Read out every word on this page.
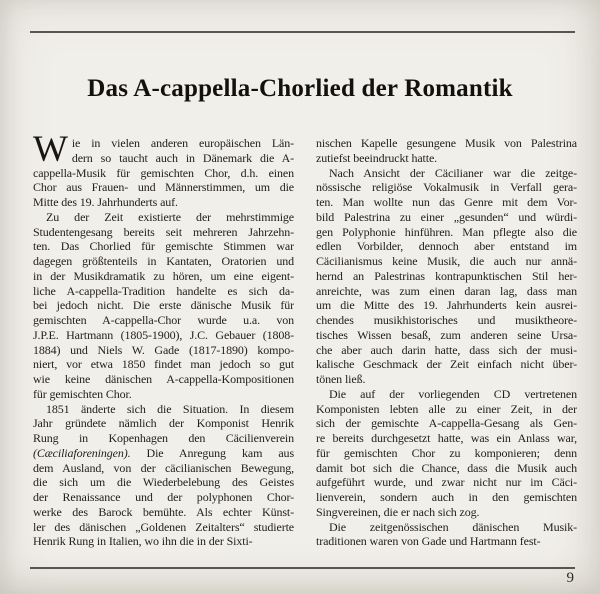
Das A-cappella-Chorlied der Romantik
W ie in vielen anderen europäischen Län-
dern so taucht auch in Dänemark die A-
cappella-Musik für gemischten Chor, d.h. einen
Chor aus Frauen- und Männerstimmen, um die
Mitte des 19. Jahrhunderts auf.
Zu der Zeit existierte der mehrstimmige
Studentengesang bereits seit mehreren Jahrzehn-
ten. Das Chorlied für gemischte Stimmen war
dagegen größtenteils in Kantaten, Oratorien und
in der Musikdramatik zu hören, um eine eigent-
liche A-cappella-Tradition handelte es sich da-
bei jedoch nicht. Die erste dänische Musik für
gemischten A-cappella-Chor wurde u.a. von
J.P.E. Hartmann (1805-1900), J.C. Gebauer (1808-
1884) und Niels W. Gade (1817-1890) kompo-
niert, vor etwa 1850 findet man jedoch so gut
wie keine dänischen A-cappella-Kompositionen
für gemischten Chor.
1851 änderte sich die Situation. In diesem
Jahr gründete nämlich der Komponist Henrik
Rung in Kopenhagen den Cäcilienverein
(Cæciliaforeningen). Die Anregung kam aus
dem Ausland, von der cäcilianischen Bewegung,
die sich um die Wiederbelebung des Geistes
der Renaissance und der polyphonen Chor-
werke des Barock bemühte. Als echter Künst-
ler des dänischen „Goldenen Zeitalters“ studierte
Henrik Rung in Italien, wo ihn die in der Sixti-
nischen Kapelle gesungene Musik von Palestrina
zutiefst beeindruckt hatte.
Nach Ansicht der Cäcilianer war die zeitge-
nössische religiöse Vokalmusik in Verfall gera-
ten. Man wollte nun das Genre mit dem Vor-
bild Palestrina zu einer „gesunden“ und würdi-
gen Polyphonie hinführen. Man pflegte also die
edlen Vorbilder, dennoch aber entstand im
Cäcilianismus keine Musik, die auch nur annä-
hernd an Palestrinas kontrapunktischen Stil her-
anreichte, was zum einen daran lag, dass man
um die Mitte des 19. Jahrhunderts kein ausrei-
chendes musikhistorisches und musiktheore-
tisches Wissen besaß, zum anderen seine Ursa-
che aber auch darin hatte, dass sich der musi-
kalische Geschmack der Zeit einfach nicht über-
tönen ließ.
Die auf der vorliegenden CD vertretenen
Komponisten lebten alle zu einer Zeit, in der
sich der gemischte A-cappella-Gesang als Gen-
re bereits durchgesetzt hatte, was ein Anlass war,
für gemischten Chor zu komponieren; denn
damit bot sich die Chance, dass die Musik auch
aufgeführt wurde, und zwar nicht nur im Cäci-
lienverein, sondern auch in den gemischten
Singvereinen, die er nach sich zog.
Die zeitgenössischen dänischen Musik-
traditionen waren von Gade und Hartmann fest-
9
